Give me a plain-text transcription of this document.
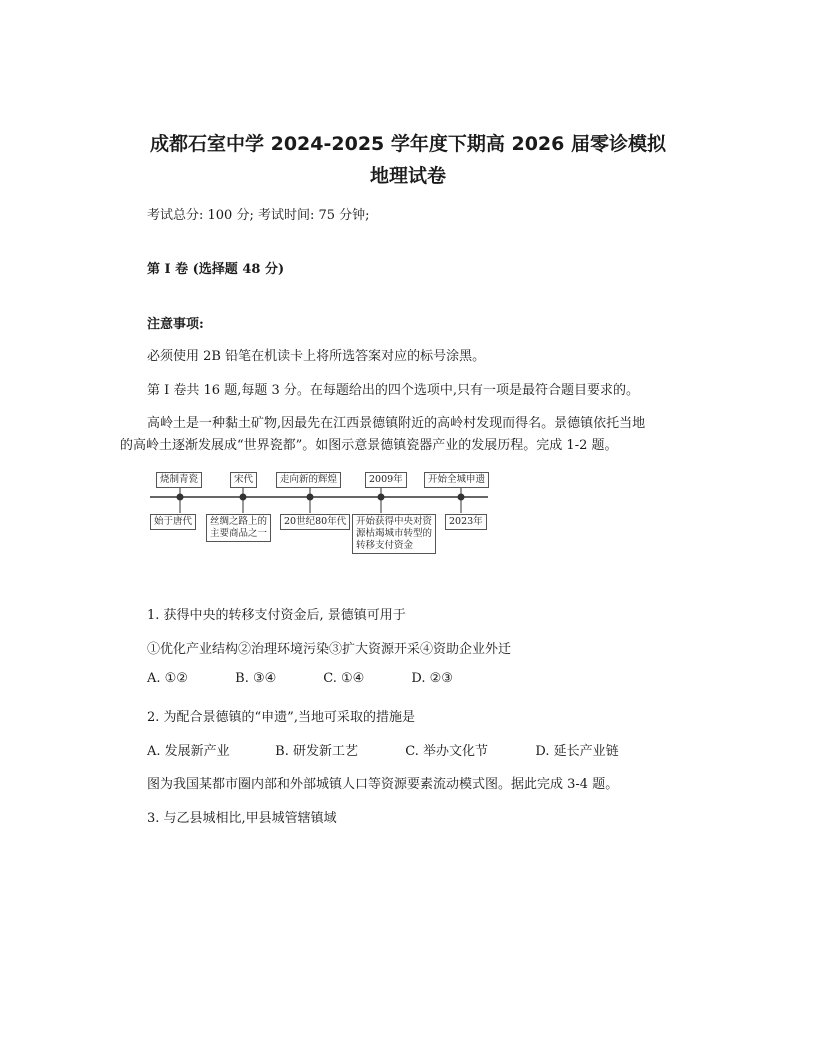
成都石室中学 2024-2025 学年度下期高 2026 届零诊模拟
地理试卷
考试总分: 100 分; 考试时间: 75 分钟;
第 I 卷 (选择题 48 分)
注意事项:
必须使用 2B 铅笔在机读卡上将所选答案对应的标号涂黑。
第 I 卷共 16 题,每题 3 分。在每题给出的四个选项中,只有一项是最符合题目要求的。
高岭土是一种黏土矿物,因最先在江西景德镇附近的高岭村发现而得名。景德镇依托当地
的高岭土逐渐发展成“世界瓷都”。如图示意景德镇瓷器产业的发展历程。完成 1-2 题。
烧制青瓷	宋代	走向新的辉煌	2009年	开始全城申遗
始于唐代	丝绸之路上的
主要商品之一
20世纪80年代	开始获得中央对资
源枯竭城市转型的
转移支付资金
2023年
1. 获得中央的转移支付资金后, 景德镇可用于
①优化产业结构②治理环境污染③扩大资源开采④资助企业外迁
A. ①②	B. ③④	C. ①④	D. ②③
2. 为配合景德镇的“申遗”,当地可采取的措施是
A. 发展新产业	B. 研发新工艺	C. 举办文化节	D. 延长产业链
图为我国某都市圈内部和外部城镇人口等资源要素流动模式图。据此完成 3-4 题。
3. 与乙县城相比,甲县城管辖镇域
